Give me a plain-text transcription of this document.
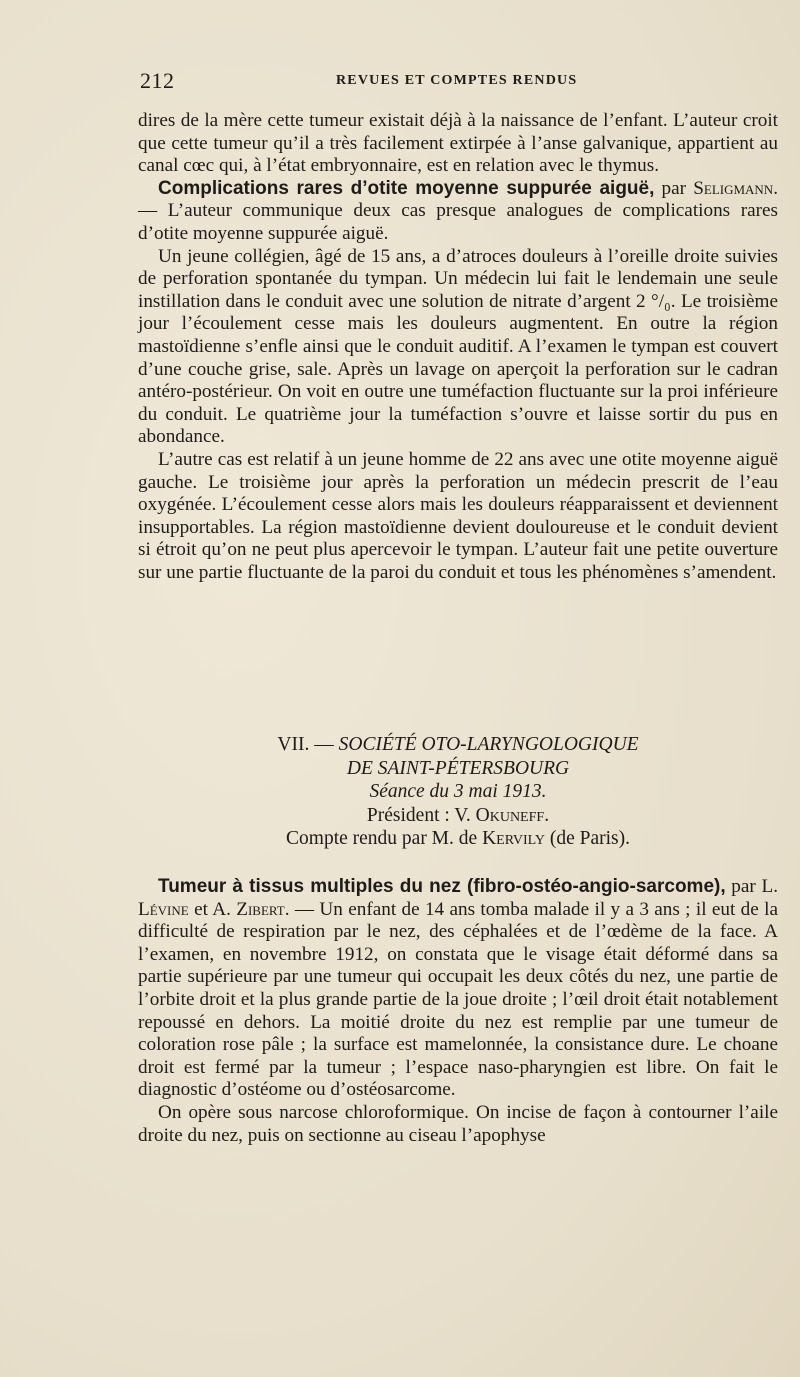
212	REVUES ET COMPTES RENDUS

dires de la mère cette tumeur existait déjà à la naissance de l’enfant. L’auteur croit que cette tumeur qu’il a très facilement extirpée à l’anse galvanique, appartient au canal cœc qui, à l’état embryonnaire, est en relation avec le thymus.

Complications rares d’otite moyenne suppurée aiguë, par Seligmann. — L’auteur communique deux cas presque analogues de complications rares d’otite moyenne suppurée aiguë.

Un jeune collégien, âgé de 15 ans, a d’atroces douleurs à l’oreille droite suivies de perforation spontanée du tympan. Un médecin lui fait le lendemain une seule instillation dans le conduit avec une solution de nitrate d’argent 2 °/₀. Le troisième jour l’écoulement cesse mais les douleurs augmentent. En outre la région mastoïdienne s’enfle ainsi que le conduit auditif. A l’examen le tympan est couvert d’une couche grise, sale. Après un lavage on aperçoit la perforation sur le cadran antéro-postérieur. On voit en outre une tuméfaction fluctuante sur la proi inférieure du conduit. Le quatrième jour la tuméfaction s’ouvre et laisse sortir du pus en abondance.

L’autre cas est relatif à un jeune homme de 22 ans avec une otite moyenne aiguë gauche. Le troisième jour après la perforation un médecin prescrit de l’eau oxygénée. L’écoulement cesse alors mais les douleurs réapparaissent et deviennent insupportables. La région mastoïdienne devient douloureuse et le conduit devient si étroit qu’on ne peut plus apercevoir le tympan. L’auteur fait une petite ouverture sur une partie fluctuante de la paroi du conduit et tous les phénomènes s’amendent.

VII. — SOCIÉTÉ OTO-LARYNGOLOGIQUE
DE SAINT-PÉTERSBOURG
Séance du 3 mai 1913.
Président : V. Okuneff.
Compte rendu par M. de Kervily (de Paris).

Tumeur à tissus multiples du nez (fibro-ostéo-angio-sarcome), par L. Lévine et A. Zibert. — Un enfant de 14 ans tomba malade il y a 3 ans ; il eut de la difficulté de respiration par le nez, des céphalées et de l’œdème de la face. A l’examen, en novembre 1912, on constata que le visage était déformé dans sa partie supérieure par une tumeur qui occupait les deux côtés du nez, une partie de l’orbite droit et la plus grande partie de la joue droite ; l’œil droit était notablement repoussé en dehors. La moitié droite du nez est remplie par une tumeur de coloration rose pâle ; la surface est mamelonnée, la consistance dure. Le choane droit est fermé par la tumeur ; l’espace naso-pharyngien est libre. On fait le diagnostic d’ostéome ou d’ostéosarcome.

On opère sous narcose chloroformique. On incise de façon à contourner l’aile droite du nez, puis on sectionne au ciseau l’apophyse
